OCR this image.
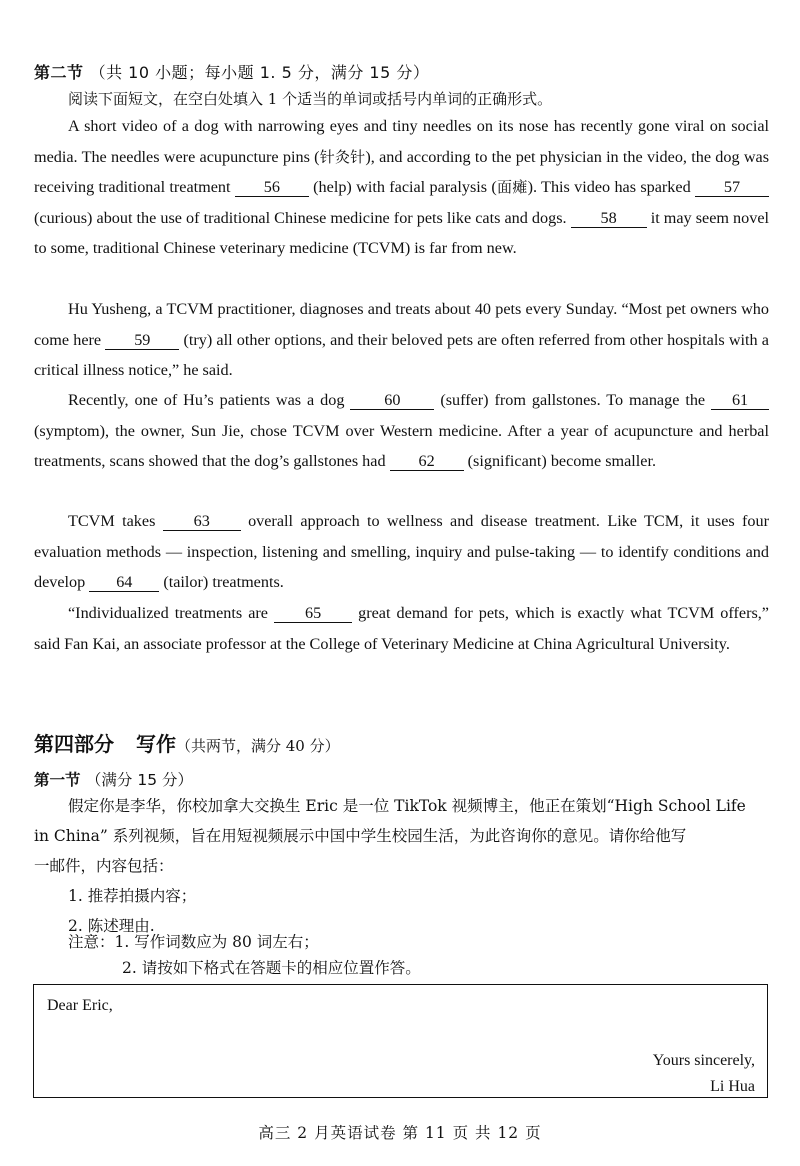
第二节 （共 10 小题；每小题 1. 5 分，满分 15 分）

阅读下面短文，在空白处填入 1 个适当的单词或括号内单词的正确形式。

A short video of a dog with narrowing eyes and tiny needles on its nose has recently gone viral on social media. The needles were acupuncture pins (针灸针), and according to the pet physician in the video, the dog was receiving traditional treatment 56 (help) with facial paralysis (面瘫). This video has sparked 57 (curious) about the use of traditional Chinese medicine for pets like cats and dogs. 58 it may seem novel to some, traditional Chinese veterinary medicine (TCVM) is far from new.

Hu Yusheng, a TCVM practitioner, diagnoses and treats about 40 pets every Sunday. “Most pet owners who come here 59 (try) all other options, and their beloved pets are often referred from other hospitals with a critical illness notice,” he said.

Recently, one of Hu’s patients was a dog 60 (suffer) from gallstones. To manage the 61 (symptom), the owner, Sun Jie, chose TCVM over Western medicine. After a year of acupuncture and herbal treatments, scans showed that the dog’s gallstones had 62 (significant) become smaller.

TCVM takes 63 overall approach to wellness and disease treatment. Like TCM, it uses four evaluation methods — inspection, listening and smelling, inquiry and pulse-taking — to identify conditions and develop 64 (tailor) treatments.

“Individualized treatments are 65 great demand for pets, which is exactly what TCVM offers,” said Fan Kai, an associate professor at the College of Veterinary Medicine at China Agricultural University.

第四部分 写作（共两节，满分 40 分）
第一节 （满分 15 分）
假定你是李华，你校加拿大交换生 Eric 是一位 TikTok 视频博主，他正在策划“High School Life
in China” 系列视频，旨在用短视频展示中国中学生校园生活，为此咨询你的意见。请你给他写
一邮件，内容包括：
1. 推荐拍摄内容；
2. 陈述理由.
注意：1. 写作词数应为 80 词左右；
2. 请按如下格式在答题卡的相应位置作答。
Dear Eric,
Yours sincerely,
Li Hua
高三 2 月英语试卷 第 11 页 共 12 页
